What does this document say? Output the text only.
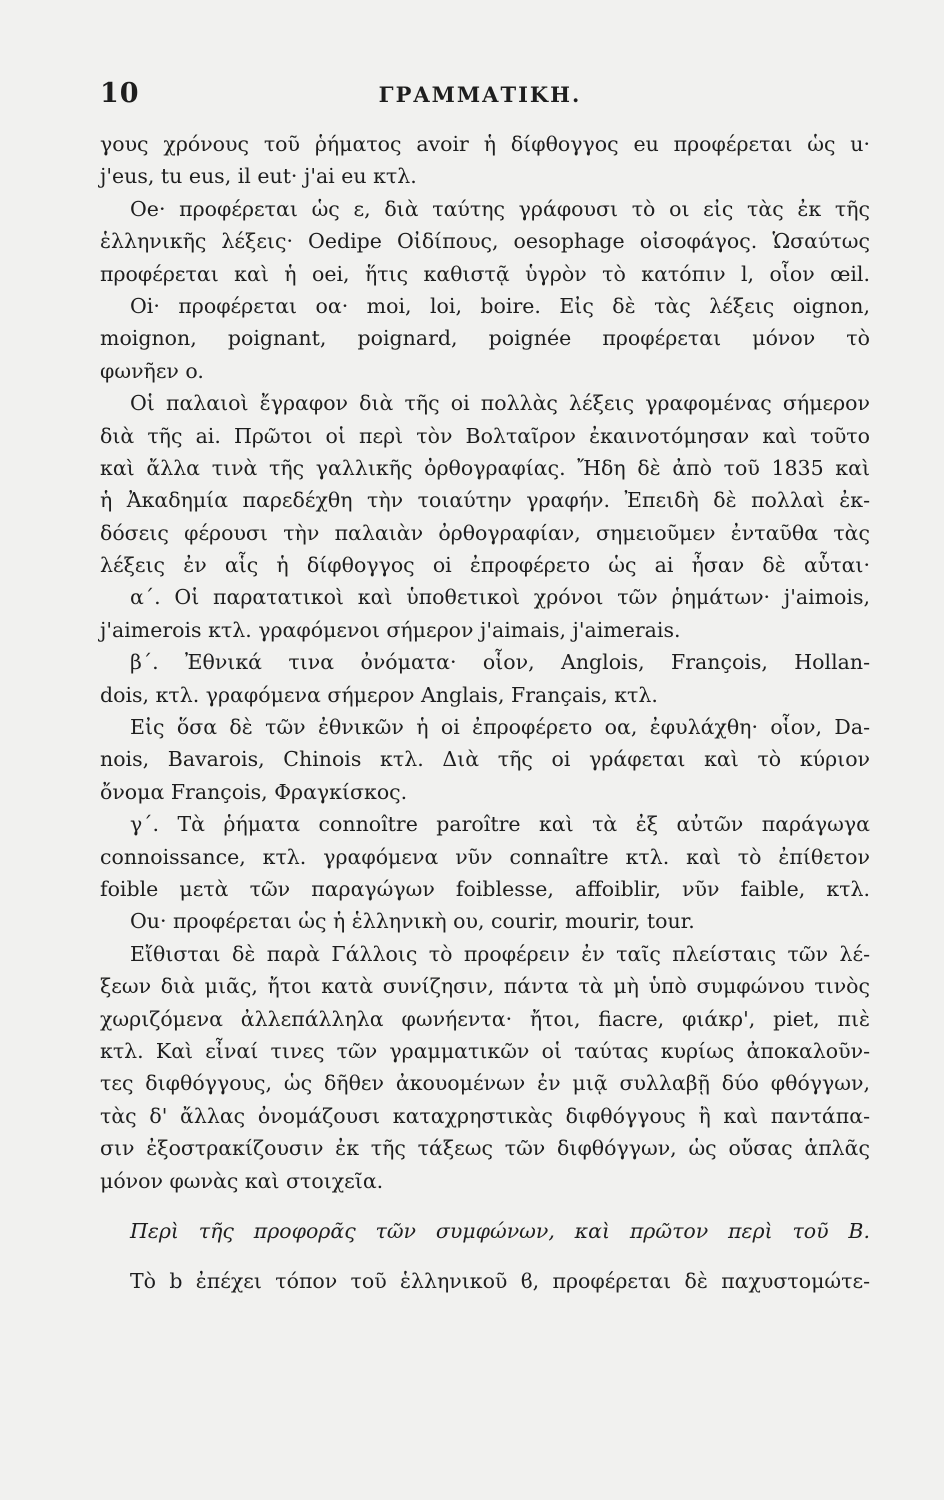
10	ΓΡΑΜΜΑΤΙΚΗ.
γους χρόνους τοῦ ῥήματος avoir ἡ δίφθογγος eu προφέρεται ὡς u·
j'eus, tu eus, il eut· j'ai eu κτλ.
Oe· προφέρεται ὡς ε, διὰ ταύτης γράφουσι τὸ οι εἰς τὰς ἐκ τῆς
ἑλληνικῆς λέξεις· Oedipe Οἰδίπους, oesophage οἰσοφάγος. Ὡσαύτως
προφέρεται καὶ ἡ oei, ἥτις καθιστᾷ ὑγρὸν τὸ κατόπιν l, οἷον œil.
Oi· προφέρεται οα· moi, loi, boire. Εἰς δὲ τὰς λέξεις oignon,
moignon, poignant, poignard, poignée προφέρεται μόνον τὸ
φωνῆεν o.
Οἱ παλαιοὶ ἔγραφον διὰ τῆς oi πολλὰς λέξεις γραφομένας σήμερον
διὰ τῆς ai. Πρῶτοι οἱ περὶ τὸν Βολταῖρον ἐκαινοτόμησαν καὶ τοῦτο
καὶ ἄλλα τινὰ τῆς γαλλικῆς ὀρθογραφίας. Ἤδη δὲ ἀπὸ τοῦ 1835 καὶ
ἡ Ἀκαδημία παρεδέχθη τὴν τοιαύτην γραφήν. Ἐπειδὴ δὲ πολλαὶ ἐκ-
δόσεις φέρουσι τὴν παλαιὰν ὀρθογραφίαν, σημειοῦμεν ἐνταῦθα τὰς
λέξεις ἐν αἷς ἡ δίφθογγος oi ἐπροφέρετο ὡς ai ἦσαν δὲ αὗται·
α΄. Οἱ παρατατικοὶ καὶ ὑποθετικοὶ χρόνοι τῶν ῥημάτων· j'aimois,
j'aimerois κτλ. γραφόμενοι σήμερον j'aimais, j'aimerais.
β΄. Ἐθνικά τινα ὀνόματα· οἷον, Anglois, François, Hollan-
dois, κτλ. γραφόμενα σήμερον Anglais, Français, κτλ.
Εἰς ὅσα δὲ τῶν ἐθνικῶν ἡ oi ἐπροφέρετο οα, ἐφυλάχθη· οἷον, Da-
nois, Bavarois, Chinois κτλ. Διὰ τῆς oi γράφεται καὶ τὸ κύριον
ὄνομα François, Φραγκίσκος.
γ΄. Τὰ ῥήματα connoître paroître καὶ τὰ ἐξ αὐτῶν παράγωγα
connoissance, κτλ. γραφόμενα νῦν connaître κτλ. καὶ τὸ ἐπίθετον
foible μετὰ τῶν παραγώγων foiblesse, affoiblir, νῦν faible, κτλ.
Ou· προφέρεται ὡς ἡ ἑλληνικὴ ου, courir, mourir, tour.
Εἴθισται δὲ παρὰ Γάλλοις τὸ προφέρειν ἐν ταῖς πλείσταις τῶν λέ-
ξεων διὰ μιᾶς, ἤτοι κατὰ συνίζησιν, πάντα τὰ μὴ ὑπὸ συμφώνου τινὸς
χωριζόμενα ἀλλεπάλληλα φωνήεντα· ἤτοι, fiacre, φιάκρ', piet, πιὲ
κτλ. Καὶ εἶναί τινες τῶν γραμματικῶν οἱ ταύτας κυρίως ἀποκαλοῦν-
τες διφθόγγους, ὡς δῆθεν ἀκουομένων ἐν μιᾷ συλλαβῇ δύο φθόγγων,
τὰς δ' ἄλλας ὀνομάζουσι καταχρηστικὰς διφθόγγους ἢ καὶ παντάπα-
σιν ἐξοστρακίζουσιν ἐκ τῆς τάξεως τῶν διφθόγγων, ὡς οὔσας ἁπλᾶς
μόνον φωνὰς καὶ στοιχεῖα.
Περὶ τῆς προφορᾶς τῶν συμφώνων, καὶ πρῶτον περὶ τοῦ B.
Τὸ b ἐπέχει τόπον τοῦ ἑλληνικοῦ ϐ, προφέρεται δὲ παχυστομώτε-
